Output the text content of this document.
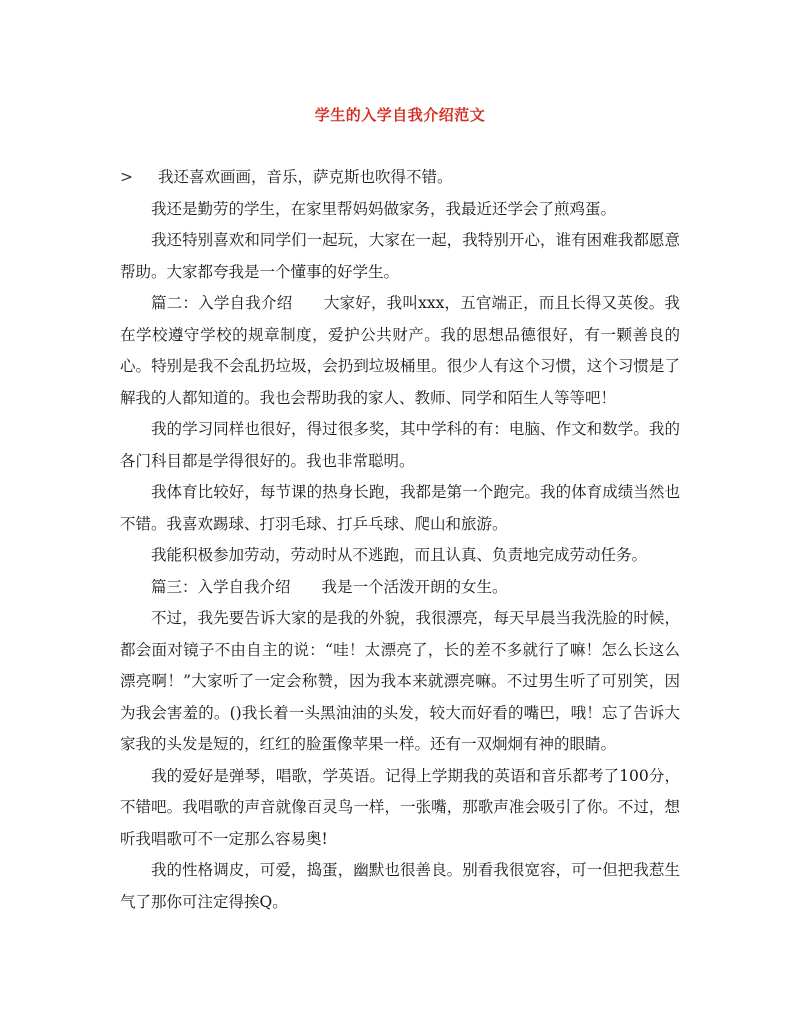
学生的入学自我介绍范文

> 我还喜欢画画，音乐，萨克斯也吹得不错。

我还是勤劳的学生，在家里帮妈妈做家务，我最近还学会了煎鸡蛋。

我还特别喜欢和同学们一起玩，大家在一起，我特别开心，谁有困难我都愿意帮助。大家都夸我是一个懂事的好学生。

篇二：入学自我介绍　　大家好，我叫xxx，五官端正，而且长得又英俊。我在学校遵守学校的规章制度，爱护公共财产。我的思想品德很好，有一颗善良的心。特别是我不会乱扔垃圾，会扔到垃圾桶里。很少人有这个习惯，这个习惯是了解我的人都知道的。我也会帮助我的家人、教师、同学和陌生人等等吧！

我的学习同样也很好，得过很多奖，其中学科的有：电脑、作文和数学。我的各门科目都是学得很好的。我也非常聪明。

我体育比较好，每节课的热身长跑，我都是第一个跑完。我的体育成绩当然也不错。我喜欢踢球、打羽毛球、打乒乓球、爬山和旅游。

我能积极参加劳动，劳动时从不逃跑，而且认真、负责地完成劳动任务。

篇三：入学自我介绍　　我是一个活泼开朗的女生。

不过，我先要告诉大家的是我的外貌，我很漂亮，每天早晨当我洗脸的时候，都会面对镜子不由自主的说：“哇！太漂亮了，长的差不多就行了嘛！怎么长这么漂亮啊！”大家听了一定会称赞，因为我本来就漂亮嘛。不过男生听了可别笑，因为我会害羞的。()我长着一头黑油油的头发，较大而好看的嘴巴，哦！忘了告诉大家我的头发是短的，红红的脸蛋像苹果一样。还有一双炯炯有神的眼睛。

我的爱好是弹琴，唱歌，学英语。记得上学期我的英语和音乐都考了100分，不错吧。我唱歌的声音就像百灵鸟一样，一张嘴，那歌声准会吸引了你。不过，想听我唱歌可不一定那么容易奥!

我的性格调皮，可爱，捣蛋，幽默也很善良。别看我很宽容，可一但把我惹生气了那你可注定得挨Q。
